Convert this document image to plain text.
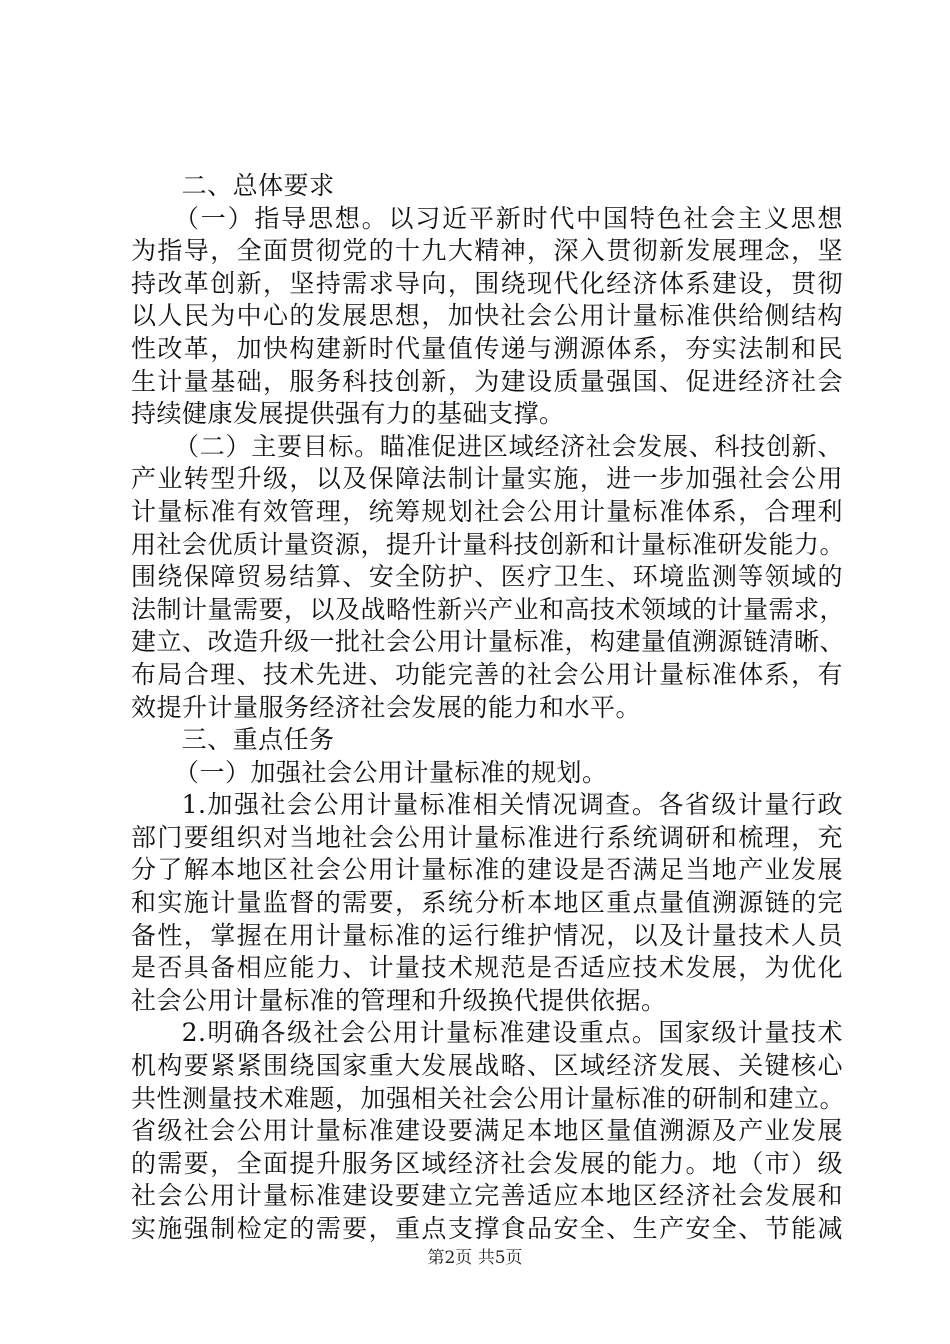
二、总体要求
（一）指导思想。以习近平新时代中国特色社会主义思想
为指导，全面贯彻党的十九大精神，深入贯彻新发展理念，坚
持改革创新，坚持需求导向，围绕现代化经济体系建设，贯彻
以人民为中心的发展思想，加快社会公用计量标准供给侧结构
性改革，加快构建新时代量值传递与溯源体系，夯实法制和民
生计量基础，服务科技创新，为建设质量强国、促进经济社会
持续健康发展提供强有力的基础支撑。
（二）主要目标。瞄准促进区域经济社会发展、科技创新、
产业转型升级，以及保障法制计量实施，进一步加强社会公用
计量标准有效管理，统筹规划社会公用计量标准体系，合理利
用社会优质计量资源，提升计量科技创新和计量标准研发能力。
围绕保障贸易结算、安全防护、医疗卫生、环境监测等领域的
法制计量需要，以及战略性新兴产业和高技术领域的计量需求，
建立、改造升级一批社会公用计量标准，构建量值溯源链清晰、
布局合理、技术先进、功能完善的社会公用计量标准体系，有
效提升计量服务经济社会发展的能力和水平。
三、重点任务
（一）加强社会公用计量标准的规划。
1.加强社会公用计量标准相关情况调查。各省级计量行政
部门要组织对当地社会公用计量标准进行系统调研和梳理，充
分了解本地区社会公用计量标准的建设是否满足当地产业发展
和实施计量监督的需要，系统分析本地区重点量值溯源链的完
备性，掌握在用计量标准的运行维护情况，以及计量技术人员
是否具备相应能力、计量技术规范是否适应技术发展，为优化
社会公用计量标准的管理和升级换代提供依据。
2.明确各级社会公用计量标准建设重点。国家级计量技术
机构要紧紧围绕国家重大发展战略、区域经济发展、关键核心
共性测量技术难题，加强相关社会公用计量标准的研制和建立。
省级社会公用计量标准建设要满足本地区量值溯源及产业发展
的需要，全面提升服务区域经济社会发展的能力。地（市）级
社会公用计量标准建设要建立完善适应本地区经济社会发展和
实施强制检定的需要，重点支撑食品安全、生产安全、节能减
第2页 共5页
